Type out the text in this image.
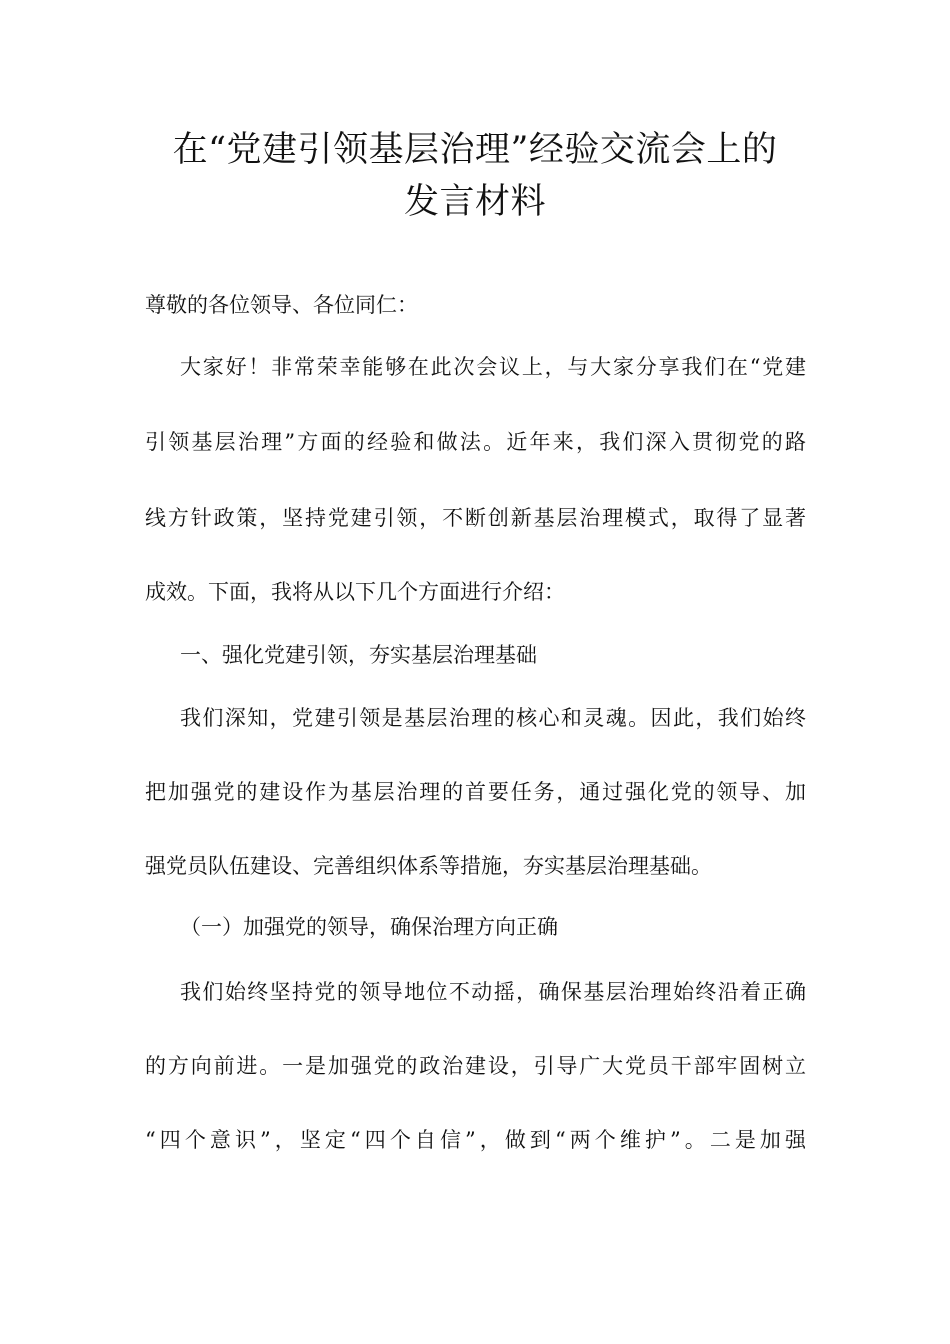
在“党建引领基层治理”经验交流会上的
发言材料
尊敬的各位领导、各位同仁：
大家好！非常荣幸能够在此次会议上，与大家分享我们在“党建
引领基层治理”方面的经验和做法。近年来，我们深入贯彻党的路
线方针政策，坚持党建引领，不断创新基层治理模式，取得了显著
成效。下面，我将从以下几个方面进行介绍：
一、强化党建引领，夯实基层治理基础
我们深知，党建引领是基层治理的核心和灵魂。因此，我们始终
把加强党的建设作为基层治理的首要任务，通过强化党的领导、加
强党员队伍建设、完善组织体系等措施，夯实基层治理基础。
（一）加强党的领导，确保治理方向正确
我们始终坚持党的领导地位不动摇，确保基层治理始终沿着正确
的方向前进。一是加强党的政治建设，引导广大党员干部牢固树立
“四个意识”，坚定“四个自信”，做到“两个维护”。二是加强
